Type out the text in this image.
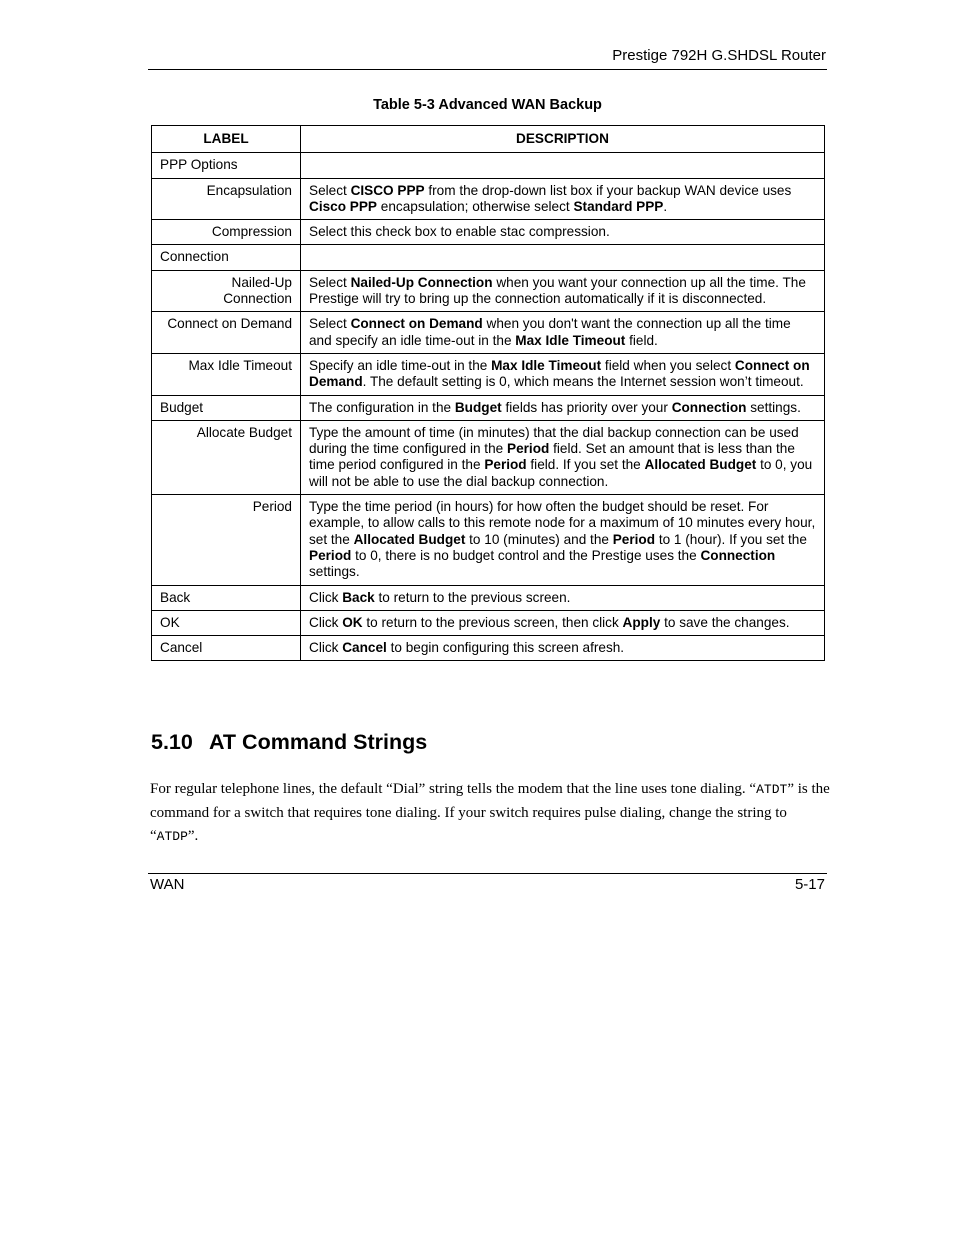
Prestige 792H G.SHDSL Router
Table 5-3 Advanced WAN Backup
LABEL	DESCRIPTION
PPP Options	
Encapsulation	Select CISCO PPP from the drop-down list box if your backup WAN device uses Cisco PPP encapsulation; otherwise select Standard PPP.
Compression	Select this check box to enable stac compression.
Connection	
Nailed-Up Connection	Select Nailed-Up Connection when you want your connection up all the time. The Prestige will try to bring up the connection automatically if it is disconnected.
Connect on Demand	Select Connect on Demand when you don't want the connection up all the time and specify an idle time-out in the Max Idle Timeout field.
Max Idle Timeout	Specify an idle time-out in the Max Idle Timeout field when you select Connect on Demand. The default setting is 0, which means the Internet session won’t timeout.
Budget	The configuration in the Budget fields has priority over your Connection settings.
Allocate Budget	Type the amount of time (in minutes) that the dial backup connection can be used during the time configured in the Period field. Set an amount that is less than the time period configured in the Period field. If you set the Allocated Budget to 0, you will not be able to use the dial backup connection.
Period	Type the time period (in hours) for how often the budget should be reset. For example, to allow calls to this remote node for a maximum of 10 minutes every hour, set the Allocated Budget to 10 (minutes) and the Period to 1 (hour). If you set the Period to 0, there is no budget control and the Prestige uses the Connection settings.
Back	Click Back to return to the previous screen.
OK	Click OK to return to the previous screen, then click Apply to save the changes.
Cancel	Click Cancel to begin configuring this screen afresh.
5.10 AT Command Strings
For regular telephone lines, the default “Dial” string tells the modem that the line uses tone dialing. “ATDT” is the command for a switch that requires tone dialing. If your switch requires pulse dialing, change the string to “ATDP”.
WAN	5-17
